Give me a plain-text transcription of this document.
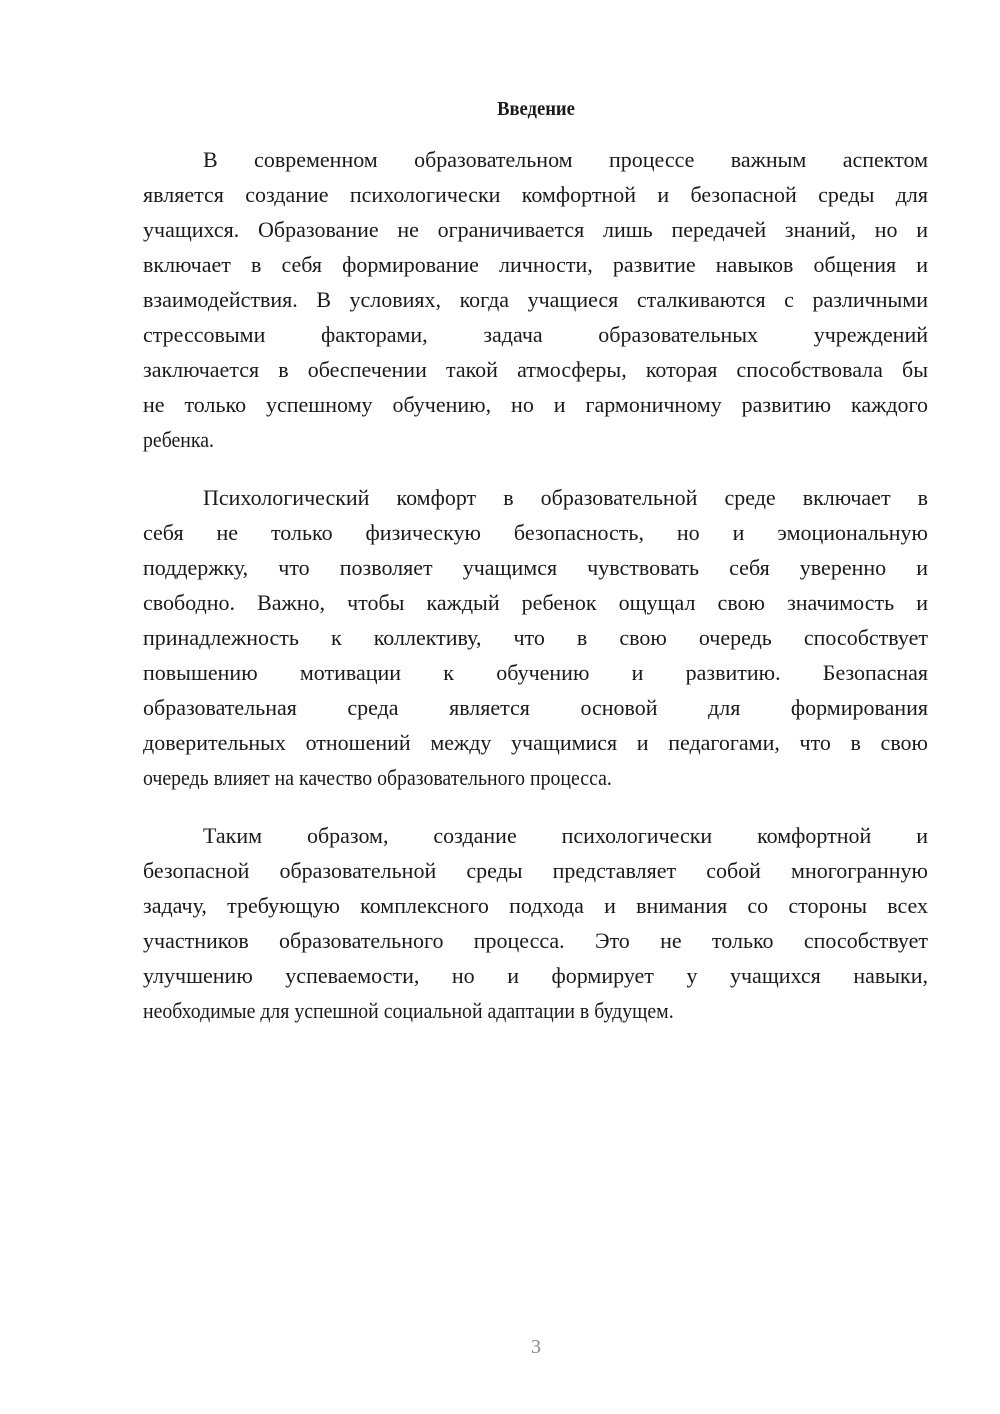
Введение
В современном образовательном процессе важным аспектом
является создание психологически комфортной и безопасной среды для
учащихся. Образование не ограничивается лишь передачей знаний, но и
включает в себя формирование личности, развитие навыков общения и
взаимодействия. В условиях, когда учащиеся сталкиваются с различными
стрессовыми факторами, задача образовательных учреждений
заключается в обеспечении такой атмосферы, которая способствовала бы
не только успешному обучению, но и гармоничному развитию каждого
ребенка.
Психологический комфорт в образовательной среде включает в
себя не только физическую безопасность, но и эмоциональную
поддержку, что позволяет учащимся чувствовать себя уверенно и
свободно. Важно, чтобы каждый ребенок ощущал свою значимость и
принадлежность к коллективу, что в свою очередь способствует
повышению мотивации к обучению и развитию. Безопасная
образовательная среда является основой для формирования
доверительных отношений между учащимися и педагогами, что в свою
очередь влияет на качество образовательного процесса.
Таким образом, создание психологически комфортной и
безопасной образовательной среды представляет собой многогранную
задачу, требующую комплексного подхода и внимания со стороны всех
участников образовательного процесса. Это не только способствует
улучшению успеваемости, но и формирует у учащихся навыки,
необходимые для успешной социальной адаптации в будущем.
3
